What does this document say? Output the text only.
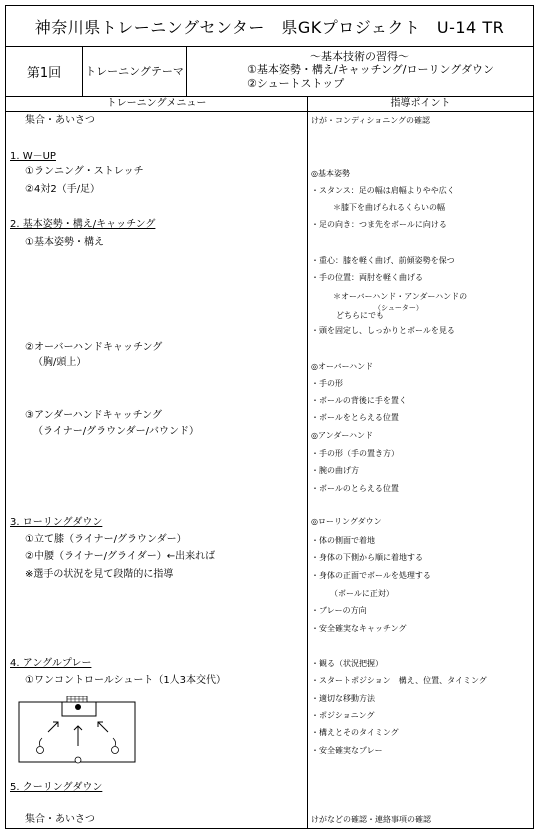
神奈川県トレーニングセンター　県GKプロジェクト　U-14 TR
第1回	トレーニングテーマ
～基本技術の習得～
①基本姿勢・構え/キャッチング/ローリングダウン
②シュートストップ
トレーニングメニュー	指導ポイント
集合・あいさつ
1. W－UP
①ランニング・ストレッチ
②4対2（手/足）
2. 基本姿勢・構え/キャッチング
①基本姿勢・構え
②オーバーハンドキャッチング
（胸/頭上）
③アンダーハンドキャッチング
（ライナー/グラウンダー/バウンド）
3. ローリングダウン
①立て膝（ライナー/グラウンダー）
②中腰（ライナー/グライダー）←出来れば
※選手の状況を見て段階的に指導
4. アングルプレー
①ワンコントロールシュート（1人3本交代）
5. クーリングダウン
集合・あいさつ
けが・コンディショニングの確認
◎基本姿勢
・スタンス：足の幅は肩幅よりやや広く
＊膝下を曲げられるくらいの幅
・足の向き：つま先をボールに向ける
・重心：膝を軽く曲げ、前傾姿勢を保つ
・手の位置：両肘を軽く曲げる
＊オーバーハンド・アンダーハンドの
（シューター）
どちらにでも
・頭を固定し、しっかりとボールを見る
◎オーバーハンド
・手の形
・ボールの背後に手を置く
・ボールをとらえる位置
◎アンダーハンド
・手の形（手の置き方）
・腕の曲げ方
・ボールのとらえる位置
◎ローリングダウン
・体の側面で着地
・身体の下側から順に着地する
・身体の正面でボールを処理する
（ボールに正対）
・ブレーの方向
・安全確実なキャッチング
・観る（状況把握）
・スタートポジション　構え、位置、タイミング
・適切な移動方法
・ポジショニング
・構えとそのタイミング
・安全確実なプレー
けがなどの確認・連絡事項の確認
